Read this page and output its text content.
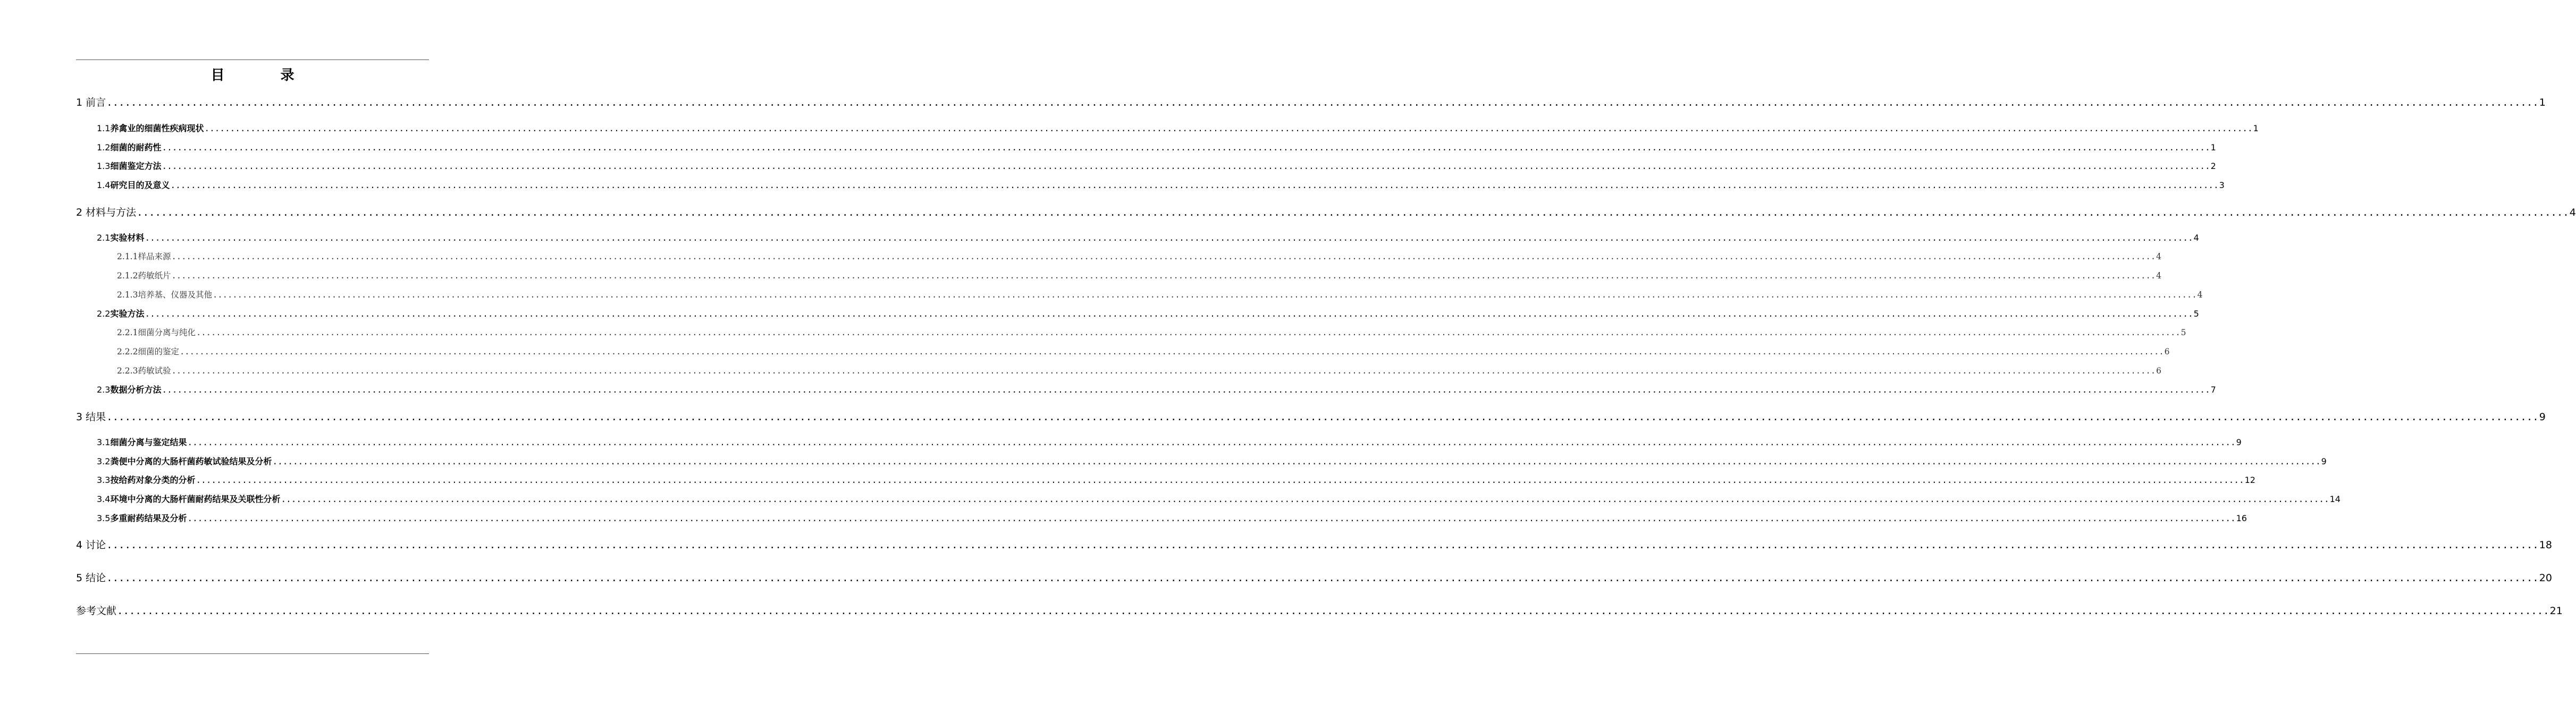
目 录
1 前言 ................................................................................................................................................................................................................................................................................................................................................................................................................ 1
1.1养禽业的细菌性疾病现状 ................................................................................................................................................................................................................................................................................................................................................................................................................ 1
1.2细菌的耐药性 ................................................................................................................................................................................................................................................................................................................................................................................................................ 1
1.3细菌鉴定方法 ................................................................................................................................................................................................................................................................................................................................................................................................................ 2
1.4研究目的及意义 ................................................................................................................................................................................................................................................................................................................................................................................................................ 3
2 材料与方法 ................................................................................................................................................................................................................................................................................................................................................................................................................ 4
2.1实验材料 ................................................................................................................................................................................................................................................................................................................................................................................................................ 4
2.1.1样品来源 ................................................................................................................................................................................................................................................................................................................................................................................................................ 4
2.1.2药敏纸片 ................................................................................................................................................................................................................................................................................................................................................................................................................ 4
2.1.3培养基、仪器及其他 ................................................................................................................................................................................................................................................................................................................................................................................................................ 4
2.2实验方法 ................................................................................................................................................................................................................................................................................................................................................................................................................ 5
2.2.1细菌分离与纯化 ................................................................................................................................................................................................................................................................................................................................................................................................................ 5
2.2.2细菌的鉴定 ................................................................................................................................................................................................................................................................................................................................................................................................................ 6
2.2.3药敏试验 ................................................................................................................................................................................................................................................................................................................................................................................................................ 6
2.3数据分析方法 ................................................................................................................................................................................................................................................................................................................................................................................................................ 7
3 结果 ................................................................................................................................................................................................................................................................................................................................................................................................................ 9
3.1细菌分离与鉴定结果 ................................................................................................................................................................................................................................................................................................................................................................................................................ 9
3.2粪便中分离的大肠杆菌药敏试验结果及分析 ................................................................................................................................................................................................................................................................................................................................................................................................................ 9
3.3按给药对象分类的分析 ................................................................................................................................................................................................................................................................................................................................................................................................................ 12
3.4环境中分离的大肠杆菌耐药结果及关联性分析 ................................................................................................................................................................................................................................................................................................................................................................................................................ 14
3.5多重耐药结果及分析 ................................................................................................................................................................................................................................................................................................................................................................................................................ 16
4 讨论 ................................................................................................................................................................................................................................................................................................................................................................................................................ 18
5 结论 ................................................................................................................................................................................................................................................................................................................................................................................................................ 20
参考文献 ................................................................................................................................................................................................................................................................................................................................................................................................................ 21
